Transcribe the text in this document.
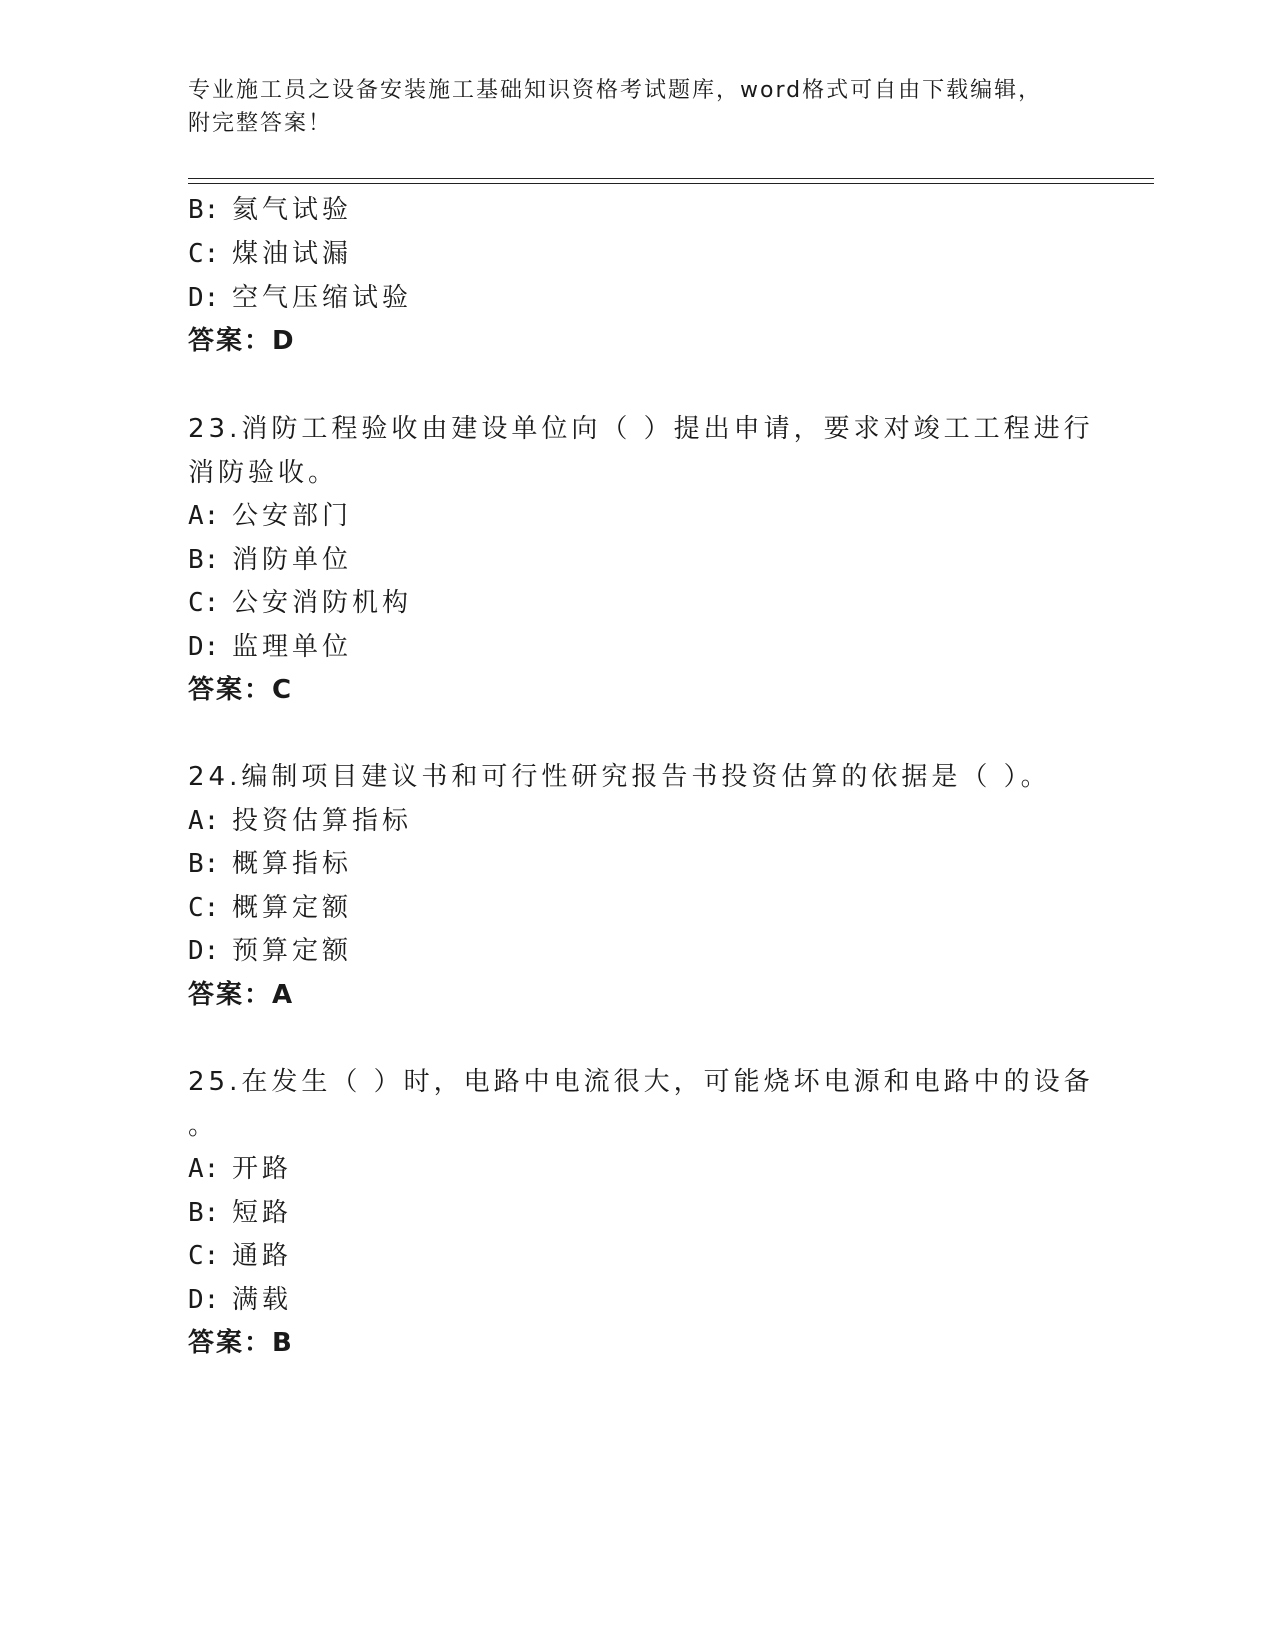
专业施工员之设备安装施工基础知识资格考试题库，word格式可自由下载编辑，
附完整答案！
B: 氦气试验
C: 煤油试漏
D: 空气压缩试验
答案：D
23.消防工程验收由建设单位向（ ）提出申请，要求对竣工工程进行
消防验收。
A: 公安部门
B: 消防单位
C: 公安消防机构
D: 监理单位
答案：C
24.编制项目建议书和可行性研究报告书投资估算的依据是（ ）。
A: 投资估算指标
B: 概算指标
C: 概算定额
D: 预算定额
答案：A
25.在发生（ ）时，电路中电流很大，可能烧坏电源和电路中的设备
。
A: 开路
B: 短路
C: 通路
D: 满载
答案：B
